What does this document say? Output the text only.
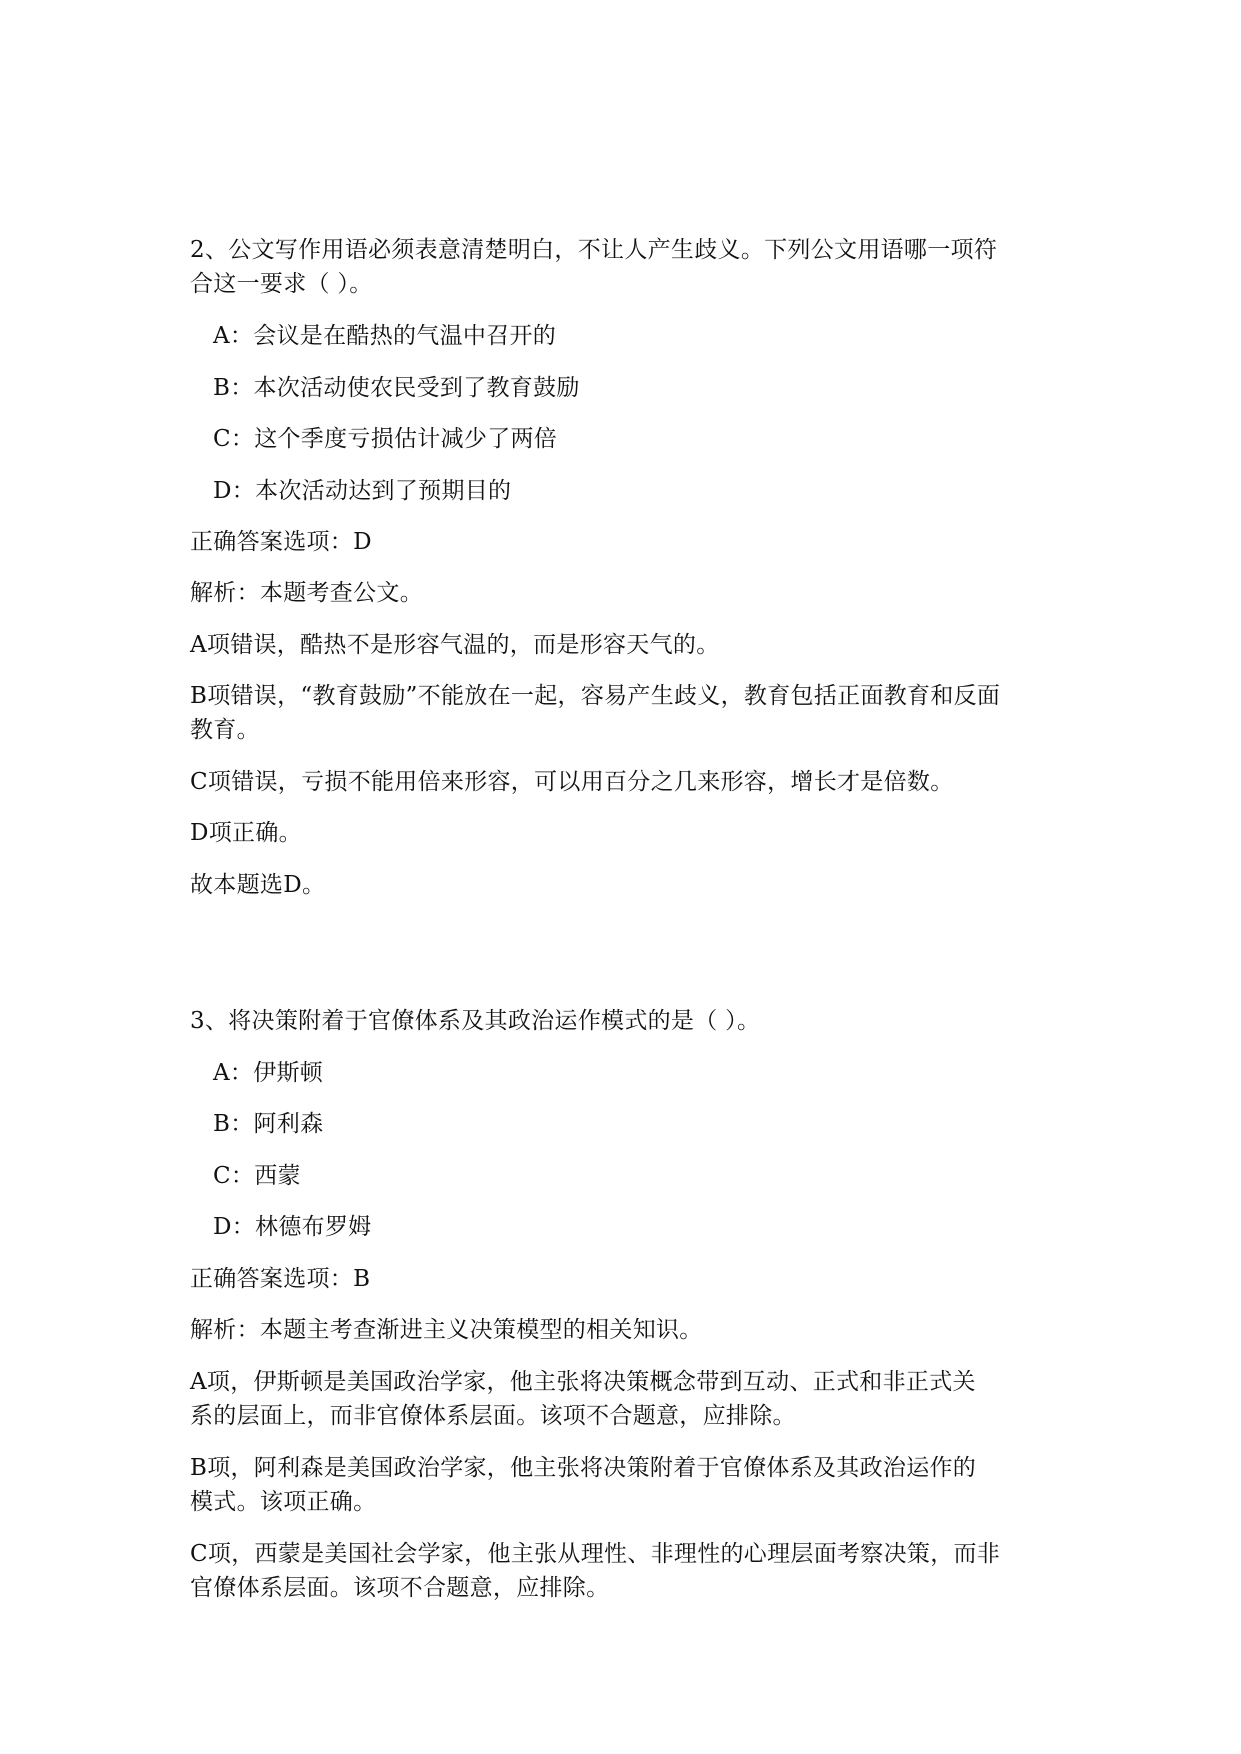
2、公文写作用语必须表意清楚明白，不让人产生歧义。下列公文用语哪一项符
合这一要求（ ）。
A：会议是在酷热的气温中召开的
B：本次活动使农民受到了教育鼓励
C：这个季度亏损估计减少了两倍
D：本次活动达到了预期目的
正确答案选项：D
解析：本题考查公文。
A项错误，酷热不是形容气温的，而是形容天气的。
B项错误，“教育鼓励”不能放在一起，容易产生歧义，教育包括正面教育和反面
教育。
C项错误，亏损不能用倍来形容，可以用百分之几来形容，增长才是倍数。
D项正确。
故本题选D。
3、将决策附着于官僚体系及其政治运作模式的是（ ）。
A：伊斯顿
B：阿利森
C：西蒙
D：林德布罗姆
正确答案选项：B
解析：本题主考查渐进主义决策模型的相关知识。
A项，伊斯顿是美国政治学家，他主张将决策概念带到互动、正式和非正式关
系的层面上，而非官僚体系层面。该项不合题意，应排除。
B项，阿利森是美国政治学家，他主张将决策附着于官僚体系及其政治运作的
模式。该项正确。
C项，西蒙是美国社会学家，他主张从理性、非理性的心理层面考察决策，而非
官僚体系层面。该项不合题意，应排除。
